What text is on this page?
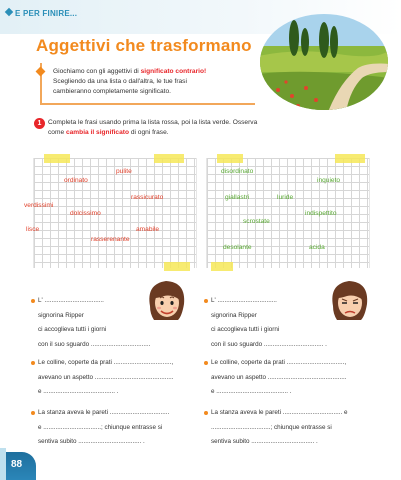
E PER FINIRE...
Aggettivi che trasformano
Giochiamo con gli aggettivi di significato contrario!
Scegliendo da una lista o dall'altra, le tue frasi
cambieranno completamente significato.
1 Completa le frasi usando prima la lista rossa, poi la lista verde. Osserva
come cambia il significato di ogni frase.
pulite
ordinato
rassicurato
verdissimi
dolcissimo
lisce	amabile
rasserenante
disordinato
inquieto
giallastri	luride
indispettito
scrostate
desolante	acida
L' ..................................
signorina Ripper
ci accoglieva tutti i giorni
con il suo sguardo ..................................
Le colline, coperte da prati .................................,
avevano un aspetto .............................................
e ......................................... .
La stanza aveva le pareti ..................................
e .................................; chiunque entrasse si
sentiva subito .................................... .
L' ..................................
signorina Ripper
ci accoglieva tutti i giorni
con il suo sguardo .................................. .
Le colline, coperte da prati .................................,
avevano un aspetto .............................................
e ......................................... .
La stanza aveva le pareti .................................. e
..................................; chiunque entrasse si
sentiva subito .................................... .
88
